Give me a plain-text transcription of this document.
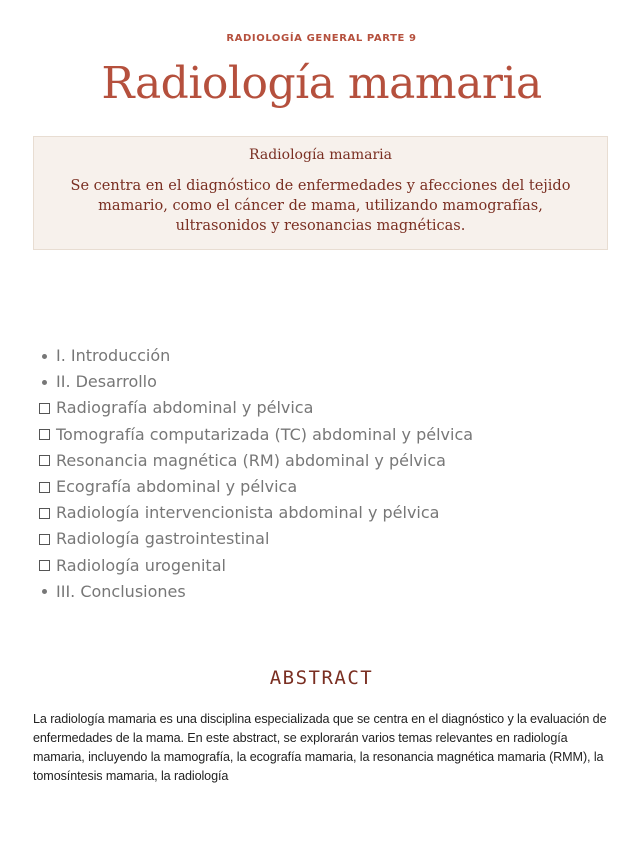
RADIOLOGÍA GENERAL PARTE 9
Radiología mamaria
Radiología mamaria
Se centra en el diagnóstico de enfermedades y afecciones del tejido mamario, como el cáncer de mama, utilizando mamografías, ultrasonidos y resonancias magnéticas.
I. Introducción
II. Desarrollo
Radiografía abdominal y pélvica
Tomografía computarizada (TC) abdominal y pélvica
Resonancia magnética (RM) abdominal y pélvica
Ecografía abdominal y pélvica
Radiología intervencionista abdominal y pélvica
Radiología gastrointestinal
Radiología urogenital
III. Conclusiones
ABSTRACT
La radiología mamaria es una disciplina especializada que se centra en el diagnóstico y la evaluación de enfermedades de la mama. En este abstract, se explorarán varios temas relevantes en radiología mamaria, incluyendo la mamografía, la ecografía mamaria, la resonancia magnética mamaria (RMM), la tomosíntesis mamaria, la radiología
